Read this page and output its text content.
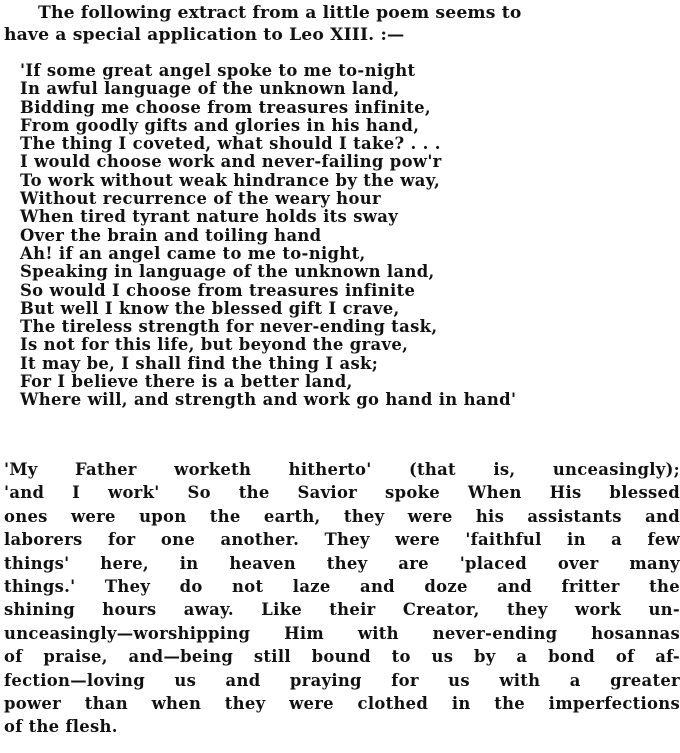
The following extract from a little poem seems to
have a special application to Leo XIII. :—
'If some great angel spoke to me to-night
In awful language of the unknown land,
Bidding me choose from treasures infinite,
From goodly gifts and glories in his hand,
The thing I coveted, what should I take? . . .
I would choose work and never-failing pow'r
To work without weak hindrance by the way,
Without recurrence of the weary hour
When tired tyrant nature holds its sway
Over the brain and toiling hand
Ah! if an angel came to me to-night,
Speaking in language of the unknown land,
So would I choose from treasures infinite
But well I know the blessed gift I crave,
The tireless strength for never-ending task,
Is not for this life, but beyond the grave,
It may be, I shall find the thing I ask;
For I believe there is a better land,
Where will, and strength and work go hand in hand'
'My Father worketh hitherto' (that is, unceasingly);
'and I work' So the Savior spoke When His blessed
ones were upon the earth, they were his assistants and
laborers for one another. They were 'faithful in a few
things' here, in heaven they are 'placed over many
things.' They do not laze and doze and fritter the
shining hours away. Like their Creator, they work un-
unceasingly—worshipping Him with never-ending hosannas
of praise, and—being still bound to us by a bond of af-
fection—loving us and praying for us with a greater
power than when they were clothed in the imperfections
of the flesh.
